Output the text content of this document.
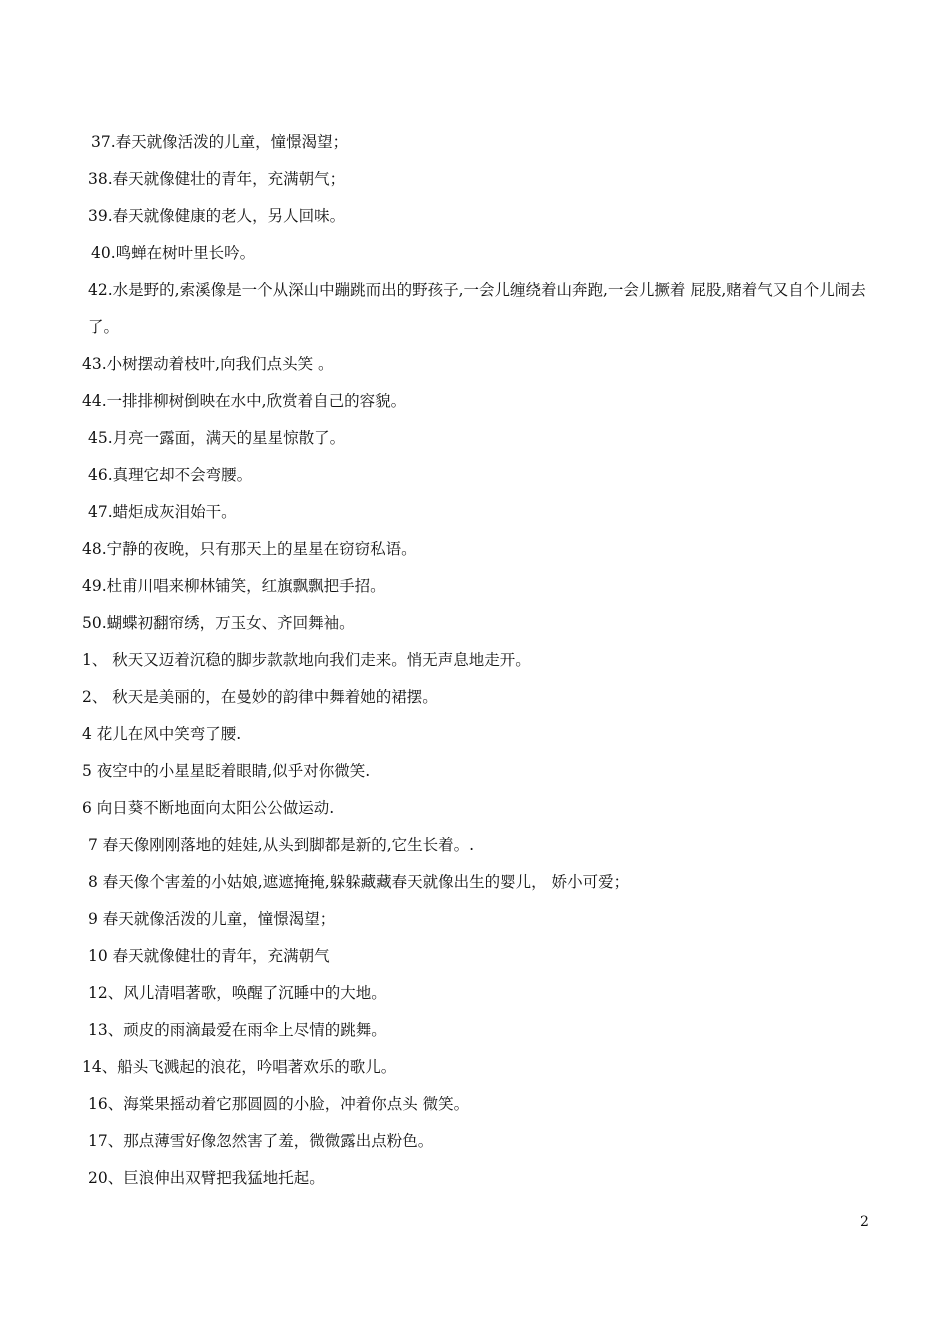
37.春天就像活泼的儿童，憧憬渴望；
38.春天就像健壮的青年，充满朝气；
39.春天就像健康的老人，另人回味。
40.鸣蝉在树叶里长吟。
42.水是野的,索溪像是一个从深山中蹦跳而出的野孩子,一会儿缠绕着山奔跑,一会儿撅着 屁股,赌着气又自个儿闹去了。
43.小树摆动着枝叶,向我们点头笑 。
44.一排排柳树倒映在水中,欣赏着自己的容貌。
45.月亮一露面，满天的星星惊散了。
46.真理它却不会弯腰。
47.蜡炬成灰泪始干。
48.宁静的夜晚，只有那天上的星星在窃窃私语。
49.杜甫川唱来柳林铺笑，红旗飘飘把手招。
50.蝴蝶初翻帘绣，万玉女、齐回舞袖。
1、 秋天又迈着沉稳的脚步款款地向我们走来。悄无声息地走开。
2、 秋天是美丽的，在曼妙的韵律中舞着她的裙摆。
4 花儿在风中笑弯了腰.
5 夜空中的小星星眨着眼睛,似乎对你微笑.
6 向日葵不断地面向太阳公公做运动.
7 春天像刚刚落地的娃娃,从头到脚都是新的,它生长着。.
8 春天像个害羞的小姑娘,遮遮掩掩,躲躲藏藏春天就像出生的婴儿， 娇小可爱；
9 春天就像活泼的儿童，憧憬渴望；
10 春天就像健壮的青年，充满朝气
12、风儿清唱著歌，唤醒了沉睡中的大地。
13、顽皮的雨滴最爱在雨伞上尽情的跳舞。
14、船头飞溅起的浪花，吟唱著欢乐的歌儿。
16、海棠果摇动着它那圆圆的小脸，冲着你点头 微笑。
17、那点薄雪好像忽然害了羞，微微露出点粉色。
20、巨浪伸出双臂把我猛地托起。
2
